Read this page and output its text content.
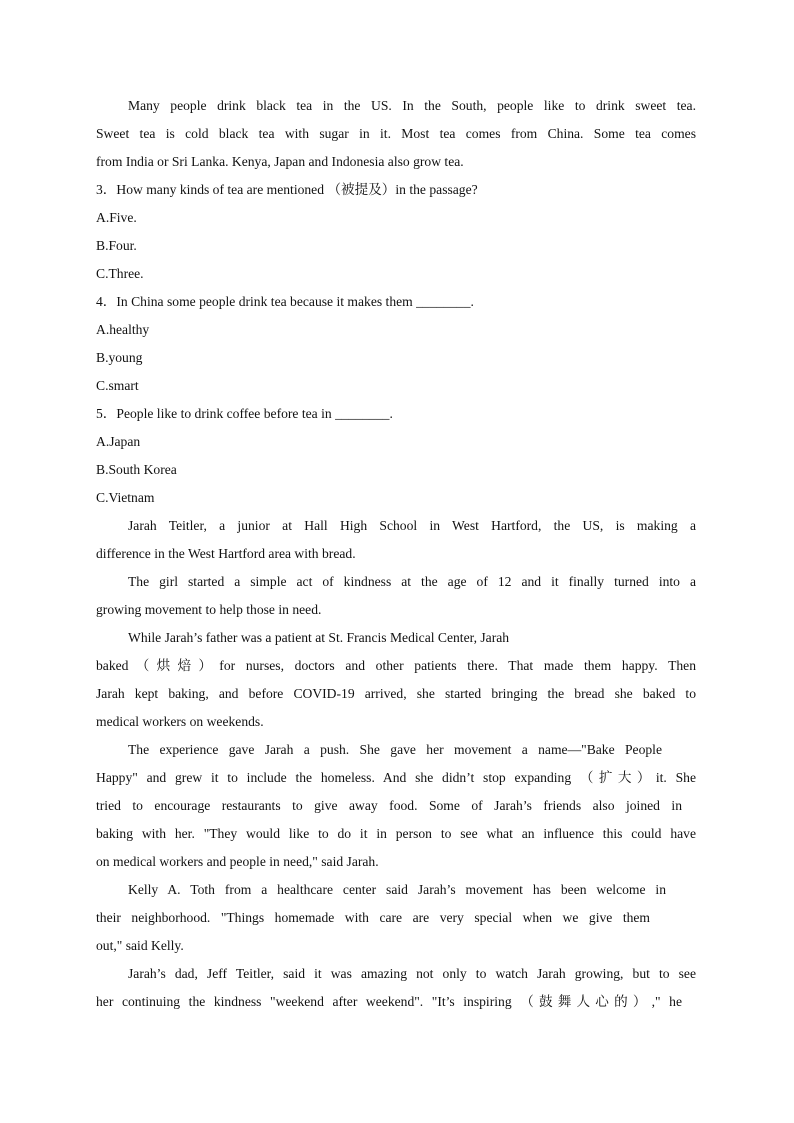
Many people drink black tea in the US. In the South, people like to drink sweet tea.
Sweet tea is cold black tea with sugar in it. Most tea comes from China. Some tea comes
from India or Sri Lanka. Kenya, Japan and Indonesia also grow tea.
3．How many kinds of tea are mentioned （被提及）in the passage?
A.Five.
B.Four.
C.Three.
4．In China some people drink tea because it makes them ________.
A.healthy
B.young
C.smart
5．People like to drink coffee before tea in ________.
A.Japan
B.South Korea
C.Vietnam
Jarah Teitler, a junior at Hall High School in West Hartford, the US, is making a
difference in the West Hartford area with bread.
The girl started a simple act of kindness at the age of 12 and it finally turned into a
growing movement to help those in need.
While Jarah’s father was a patient at St. Francis Medical Center, Jarah
baked（烘焙）for nurses, doctors and other patients there. That made them happy. Then
Jarah kept baking, and before COVID-19 arrived, she started bringing the bread she baked to
medical workers on weekends.
The experience gave Jarah a push. She gave her movement a name—"Bake People
Happy" and grew it to include the homeless. And she didn’t stop expanding （扩大）it. She
tried to encourage restaurants to give away food. Some of Jarah’s friends also joined in
baking with her. "They would like to do it in person to see what an influence this could have
on medical workers and people in need," said Jarah.
Kelly A. Toth from a healthcare center said Jarah’s movement has been welcome in
their neighborhood. "Things homemade with care are very special when we give them
out," said Kelly.
Jarah’s dad, Jeff Teitler, said it was amazing not only to watch Jarah growing, but to see
her continuing the kindness "weekend after weekend". "It’s inspiring （鼓舞人心的）," he
